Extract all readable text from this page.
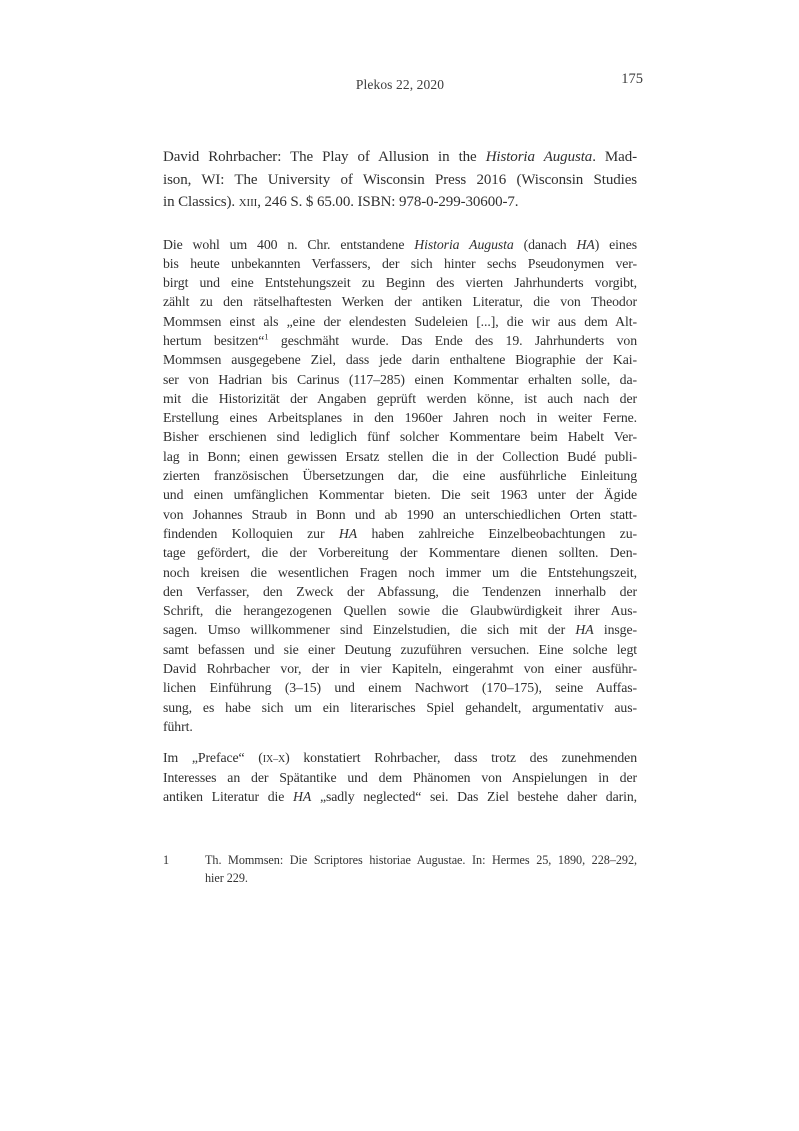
Plekos 22, 2020	175
David Rohrbacher: The Play of Allusion in the Historia Augusta. Mad-
ison, WI: The University of Wisconsin Press 2016 (Wisconsin Studies
in Classics). XIII, 246 S. $ 65.00. ISBN: 978-0-299-30600-7.
Die wohl um 400 n. Chr. entstandene Historia Augusta (danach HA) eines
bis heute unbekannten Verfassers, der sich hinter sechs Pseudonymen ver-
birgt und eine Entstehungszeit zu Beginn des vierten Jahrhunderts vorgibt,
zählt zu den rätselhaftesten Werken der antiken Literatur, die von Theodor
Mommsen einst als „eine der elendesten Sudeleien [...], die wir aus dem Alt-
hertum besitzen“$^1$ geschmäht wurde. Das Ende des 19. Jahrhunderts von
Mommsen ausgegebene Ziel, dass jede darin enthaltene Biographie der Kai-
ser von Hadrian bis Carinus (117–285) einen Kommentar erhalten solle, da-
mit die Historizität der Angaben geprüft werden könne, ist auch nach der
Erstellung eines Arbeitsplanes in den 1960er Jahren noch in weiter Ferne.
Bisher erschienen sind lediglich fünf solcher Kommentare beim Habelt Ver-
lag in Bonn; einen gewissen Ersatz stellen die in der Collection Budé publi-
zierten französischen Übersetzungen dar, die eine ausführliche Einleitung
und einen umfänglichen Kommentar bieten. Die seit 1963 unter der Ägide
von Johannes Straub in Bonn und ab 1990 an unterschiedlichen Orten statt-
findenden Kolloquien zur HA haben zahlreiche Einzelbeobachtungen zu-
tage gefördert, die der Vorbereitung der Kommentare dienen sollten. Den-
noch kreisen die wesentlichen Fragen noch immer um die Entstehungszeit,
den Verfasser, den Zweck der Abfassung, die Tendenzen innerhalb der
Schrift, die herangezogenen Quellen sowie die Glaubwürdigkeit ihrer Aus-
sagen. Umso willkommener sind Einzelstudien, die sich mit der HA insge-
samt befassen und sie einer Deutung zuzuführen versuchen. Eine solche legt
David Rohrbacher vor, der in vier Kapiteln, eingerahmt von einer ausführ-
lichen Einführung (3–15) und einem Nachwort (170–175), seine Auffas-
sung, es habe sich um ein literarisches Spiel gehandelt, argumentativ aus-
führt.
Im „Preface“ (IX–X) konstatiert Rohrbacher, dass trotz des zunehmenden
Interesses an der Spätantike und dem Phänomen von Anspielungen in der
antiken Literatur die HA „sadly neglected“ sei. Das Ziel bestehe daher darin,
1	Th. Mommsen: Die Scriptores historiae Augustae. In: Hermes 25, 1890, 228–292,
hier 229.
